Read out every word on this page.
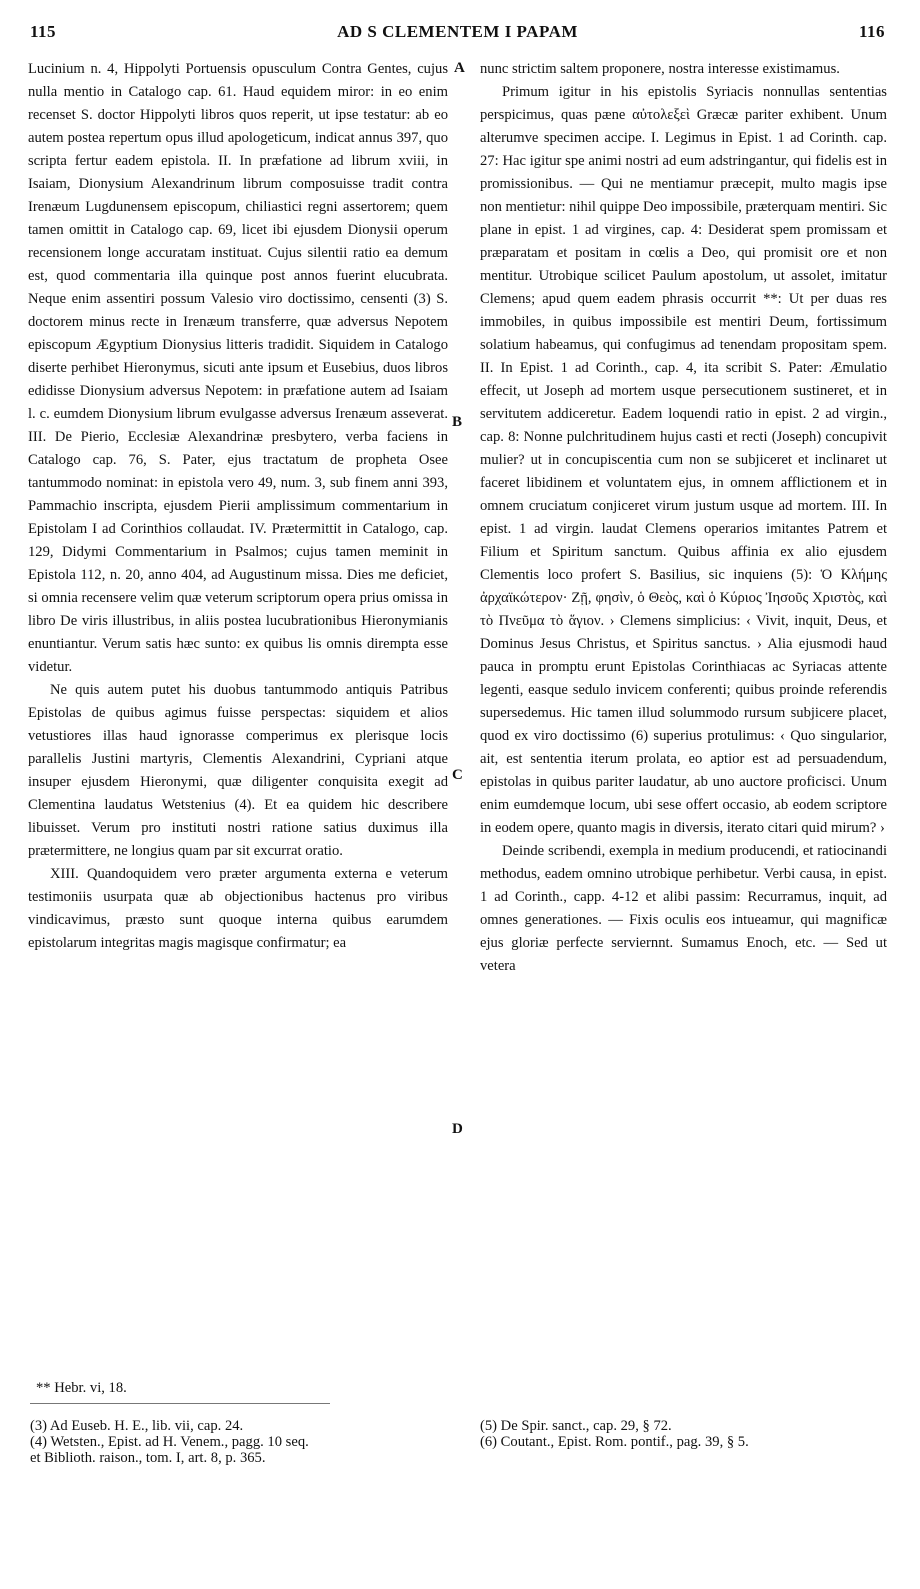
115	AD S CLEMENTEM I PAPAM	116

Lucinium n. 4, Hippolyti Portuensis opusculum Contra Gentes, cujus nulla mentio in Catalogo cap. 61. Haud equidem miror: in eo enim recenset S. doctor Hippolyti libros quos reperit, ut ipse testatur: ab eo autem postea repertum opus illud apologeticum, indicat annus 397, quo scripta fertur eadem epistola. II. In præfatione ad librum xviii, in Isaiam, Dionysium Alexandrinum librum composuisse tradit contra Irenæum Lugdunensem episcopum, chiliastici regni assertorem; quem tamen omittit in Catalogo cap. 69, licet ibi ejusdem Dionysii operum recensionem longe accuratam instituat. Cujus silentii ratio ea demum est, quod commentaria illa quinque post annos fuerint elucubrata. Neque enim assentiri possum Valesio viro doctissimo, censenti (3) S. doctorem minus recte in Irenæum transferre, quæ adversus Nepotem episcopum Ægyptium Dionysius litteris tradidit. Siquidem in Catalogo diserte perhibet Hieronymus, sicuti ante ipsum et Eusebius, duos libros edidisse Dionysium adversus Nepotem: in præfatione autem ad Isaiam l. c. eumdem Dionysium librum evulgasse adversus Irenæum asseverat. III. De Pierio, Ecclesiæ Alexandrinæ presbytero, verba faciens in Catalogo cap. 76, S. Pater, ejus tractatum de propheta Osee tantummodo nominat: in epistola vero 49, num. 3, sub finem anni 393, Pammachio inscripta, ejusdem Pierii amplissimum commentarium in Epistolam I ad Corinthios collaudat. IV. Prætermittit in Catalogo, cap. 129, Didymi Commentarium in Psalmos; cujus tamen meminit in Epistola 112, n. 20, anno 404, ad Augustinum missa. Dies me deficiet, si omnia recensere velim quæ veterum scriptorum opera prius omissa in libro De viris illustribus, in aliis postea lucubrationibus Hieronymianis enuntiantur. Verum satis hæc sunto: ex quibus lis omnis dirempta esse videtur.

Ne quis autem putet his duobus tantummodo antiquis Patribus Epistolas de quibus agimus fuisse perspectas: siquidem et alios vetustiores illas haud ignorasse comperimus ex plerisque locis parallelis Justini martyris, Clementis Alexandrini, Cypriani atque insuper ejusdem Hieronymi, quæ diligenter conquisita exegit ad Clementina laudatus Wetstenius (4). Et ea quidem hic describere libuisset. Verum pro instituti nostri ratione satius duximus illa prætermittere, ne longius quam par sit excurrat oratio.

XIII. Quandoquidem vero præter argumenta externa e veterum testimoniis usurpata quæ ab objectionibus hactenus pro viribus vindicavimus, præsto sunt quoque interna quibus earumdem epistolarum integritas magis magisque confirmatur; ea

A
B
C
D

nunc strictim saltem proponere, nostra interesse existimamus.

Primum igitur in his epistolis Syriacis nonnullas sententias perspicimus, quas pæne αὐτολεξεὶ Græcæ pariter exhibent. Unum alterumve specimen accipe. I. Legimus in Epist. 1 ad Corinth. cap. 27: Hac igitur spe animi nostri ad eum adstringantur, qui fidelis est in promissionibus. — Qui ne mentiamur præcepit, multo magis ipse non mentietur: nihil quippe Deo impossibile, præterquam mentiri. Sic plane in epist. 1 ad virgines, cap. 4: Desiderat spem promissam et præparatam et positam in cœlis a Deo, qui promisit ore et non mentitur. Utrobique scilicet Paulum apostolum, ut assolet, imitatur Clemens; apud quem eadem phrasis occurrit **: Ut per duas res immobiles, in quibus impossibile est mentiri Deum, fortissimum solatium habeamus, qui confugimus ad tenendam propositam spem. II. In Epist. 1 ad Corinth., cap. 4, ita scribit S. Pater: Æmulatio effecit, ut Joseph ad mortem usque persecutionem sustineret, et in servitutem addiceretur. Eadem loquendi ratio in epist. 2 ad virgin., cap. 8: Nonne pulchritudinem hujus casti et recti (Joseph) concupivit mulier? ut in concupiscentia cum non se subjiceret et inclinaret ut faceret libidinem et voluntatem ejus, in omnem afflictionem et in omnem cruciatum conjiceret virum justum usque ad mortem. III. In epist. 1 ad virgin. laudat Clemens operarios imitantes Patrem et Filium et Spiritum sanctum. Quibus affinia ex alio ejusdem Clementis loco profert S. Basilius, sic inquiens (5): Ὁ Κλήμης ἀρχαϊκώτερον· Ζῇ, φησὶν, ὁ Θεὸς, καὶ ὁ Κύριος Ἰησοῦς Χριστὸς, καὶ τὸ Πνεῦμα τὸ ἅγιον. › Clemens simplicius: ‹ Vivit, inquit, Deus, et Dominus Jesus Christus, et Spiritus sanctus. › Alia ejusmodi haud pauca in promptu erunt Epistolas Corinthiacas ac Syriacas attente legenti, easque sedulo invicem conferenti; quibus proinde referendis supersedemus. Hic tamen illud solummodo rursum subjicere placet, quod ex viro doctissimo (6) superius protulimus: ‹ Quo singularior, ait, est sententia iterum prolata, eo aptior est ad persuadendum, epistolas in quibus pariter laudatur, ab uno auctore proficisci. Unum enim eumdemque locum, ubi sese offert occasio, ab eodem scriptore in eodem opere, quanto magis in diversis, iterato citari quid mirum? ›

Deinde scribendi, exempla in medium producendi, et ratiocinandi methodus, eadem omnino utrobique perhibetur. Verbi causa, in epist. 1 ad Corinth., capp. 4-12 et alibi passim: Recurramus, inquit, ad omnes generationes. — Fixis oculis eos intueamur, qui magnificæ ejus gloriæ perfecte serviernnt. Sumamus Enoch, etc. — Sed ut vetera

** Hebr. vi, 18.
(3) Ad Euseb. H. E., lib. vii, cap. 24.
(4) Wetsten., Epist. ad H. Venem., pagg. 10 seq.
et Biblioth. raison., tom. I, art. 8, p. 365.
(5) De Spir. sanct., cap. 29, § 72.
(6) Coutant., Epist. Rom. pontif., pag. 39, § 5.
